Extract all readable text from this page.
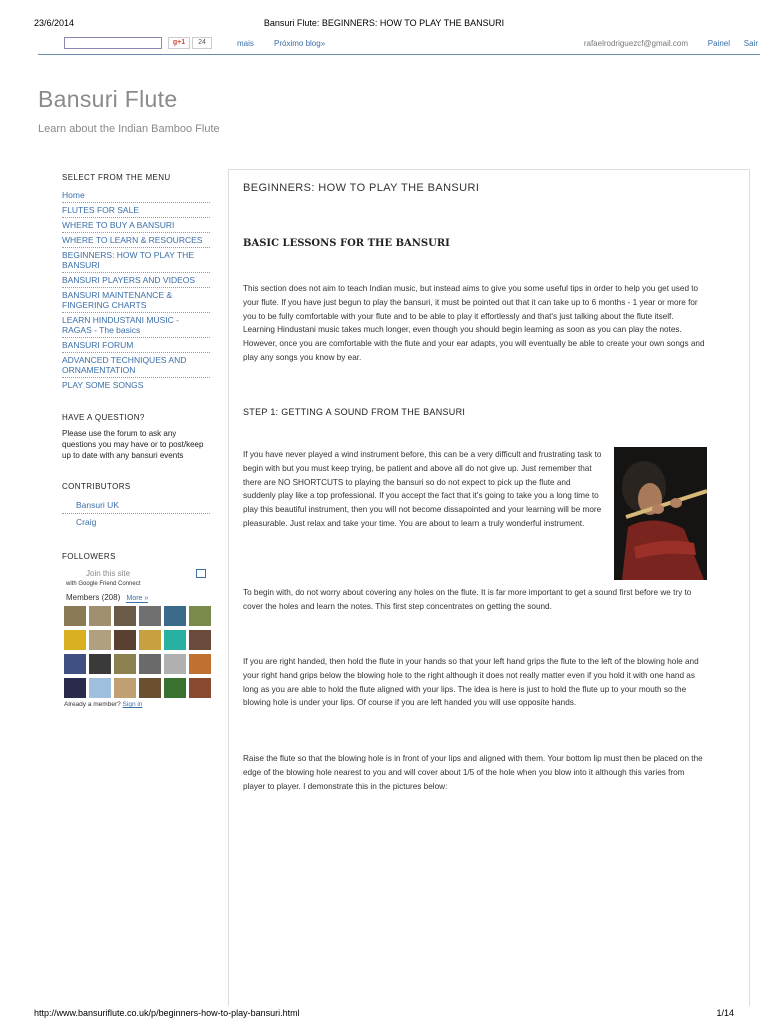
23/6/2014	Bansuri Flute: BEGINNERS: HOW TO PLAY THE BANSURI
g+1	24	mais	Próximo blog»	rafaelrodriguezcf@gmail.com Painel Sair
Bansuri Flute
Learn about the Indian Bamboo Flute
SELECT FROM THE MENU
Home
FLUTES FOR SALE
WHERE TO BUY A BANSURI
WHERE TO LEARN & RESOURCES
BEGINNERS: HOW TO PLAY THE BANSURI
BANSURI PLAYERS AND VIDEOS
BANSURI MAINTENANCE & FINGERING CHARTS
LEARN HINDUSTANI MUSIC - RAGAS - The basics
BANSURI FORUM
ADVANCED TECHNIQUES AND ORNAMENTATION
PLAY SOME SONGS
HAVE A QUESTION?
Please use the forum to ask any questions you may have or to post/keep up to date with any bansuri events
CONTRIBUTORS
Bansuri UK
Craig
FOLLOWERS
Join this site
with Google Friend Connect
Members (208) More »
Already a member? Sign in
BEGINNERS: HOW TO PLAY THE BANSURI
BASIC LESSONS FOR THE BANSURI
This section does not aim to teach Indian music, but instead aims to give you some useful tips in order to help you get used to your flute. If you have just begun to play the bansuri, it must be pointed out that it can take up to 6 months - 1 year or more for you to be fully comfortable with your flute and to be able to play it effortlessly and that's just talking about the flute itself. Learning Hindustani music takes much longer, even though you should begin learning as soon as you can play the notes. However, once you are comfortable with the flute and your ear adapts, you will eventually be able to create your own songs and play any songs you know by ear.
STEP 1: GETTING A SOUND FROM THE BANSURI
If you have never played a wind instrument before, this can be a very difficult and frustrating task to begin with but you must keep trying, be patient and above all do not give up. Just remember that there are NO SHORTCUTS to playing the bansuri so do not expect to pick up the flute and suddenly play like a top professional. If you accept the fact that it's going to take you a long time to play this beautiful instrument, then you will not become dissapointed and your learning will be more pleasurable. Just relax and take your time. You are about to learn a truly wonderful instrument.
To begin with, do not worry about covering any holes on the flute. It is far more important to get a sound first before we try to cover the holes and learn the notes. This first step concentrates on getting the sound.
If you are right handed, then hold the flute in your hands so that your left hand grips the flute to the left of the blowing hole and your right hand grips below the blowing hole to the right although it does not really matter even if you hold it with one hand as long as you are able to hold the flute aligned with your lips. The idea is here is just to hold the flute up to your mouth so the blowing hole is under your lips. Of course if you are left handed you will use opposite hands.
Raise the flute so that the blowing hole is in front of your lips and aligned with them. Your bottom lip must then be placed on the edge of the blowing hole nearest to you and will cover about 1/5 of the hole when you blow into it although this varies from player to player. I demonstrate this in the pictures below:
http://www.bansuriflute.co.uk/p/beginners-how-to-play-bansuri.html	1/14
